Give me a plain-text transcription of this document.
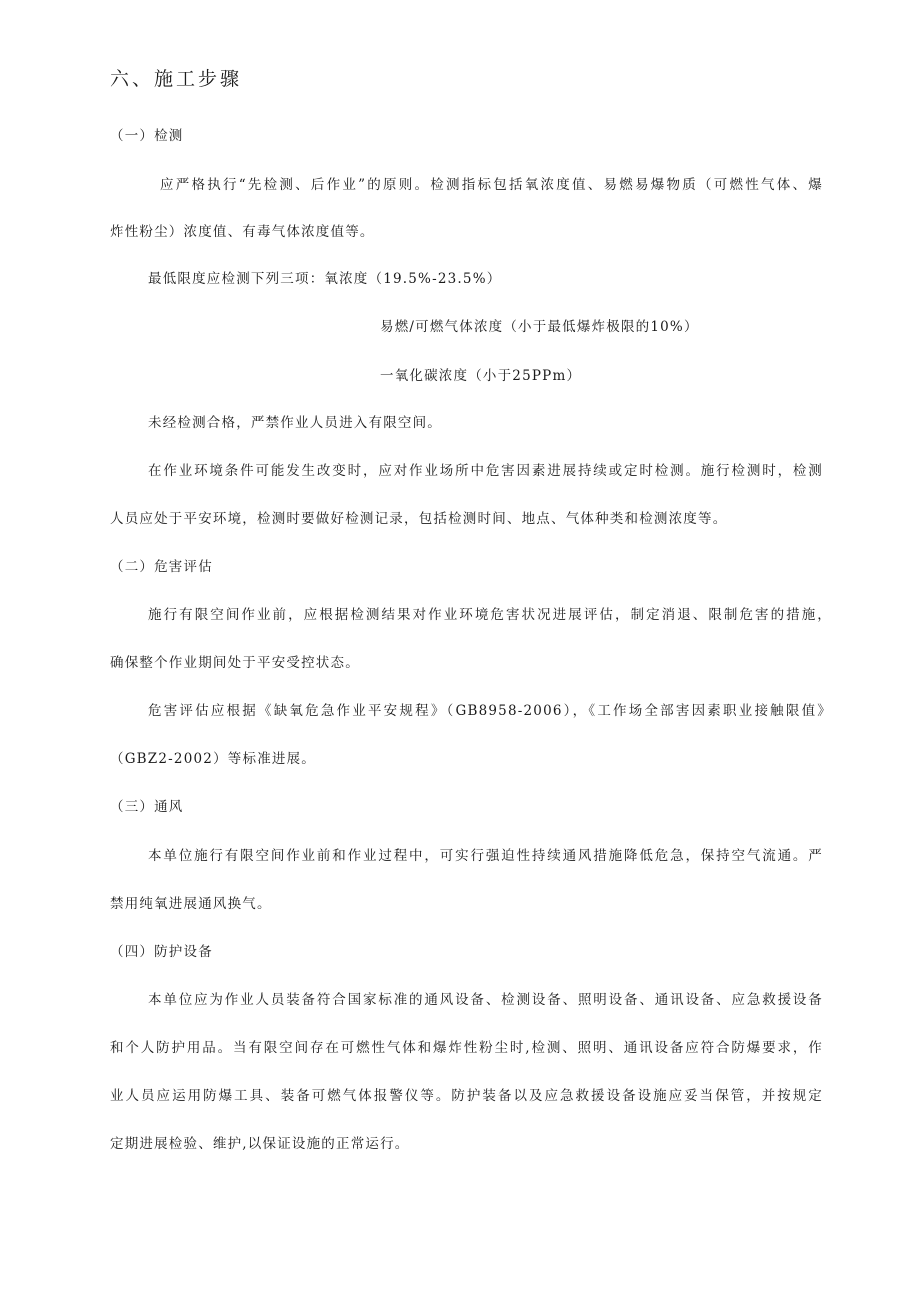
六、施工步骤
（一）检测
应严格执行“先检测、后作业”的原则。检测指标包括氧浓度值、易燃易爆物质（可燃性气体、爆
炸性粉尘）浓度值、有毒气体浓度值等。
最低限度应检测下列三项：氧浓度（19.5%-23.5%）
易燃/可燃气体浓度（小于最低爆炸极限的10%）
一氧化碳浓度（小于25PPm）
未经检测合格，严禁作业人员进入有限空间。
在作业环境条件可能发生改变时，应对作业场所中危害因素进展持续或定时检测。施行检测时，检测
人员应处于平安环境，检测时要做好检测记录，包括检测时间、地点、气体种类和检测浓度等。
（二）危害评估
施行有限空间作业前，应根据检测结果对作业环境危害状况进展评估，制定消退、限制危害的措施，
确保整个作业期间处于平安受控状态。
危害评估应根据《缺氧危急作业平安规程》（GB8958-2006），《工作场全部害因素职业接触限值》
（GBZ2-2002）等标准进展。
（三）通风
本单位施行有限空间作业前和作业过程中，可实行强迫性持续通风措施降低危急，保持空气流通。严
禁用纯氧进展通风换气。
（四）防护设备
本单位应为作业人员装备符合国家标准的通风设备、检测设备、照明设备、通讯设备、应急救援设备
和个人防护用品。当有限空间存在可燃性气体和爆炸性粉尘时,检测、照明、通讯设备应符合防爆要求，作
业人员应运用防爆工具、装备可燃气体报警仪等。防护装备以及应急救援设备设施应妥当保管，并按规定
定期进展检验、维护,以保证设施的正常运行。
